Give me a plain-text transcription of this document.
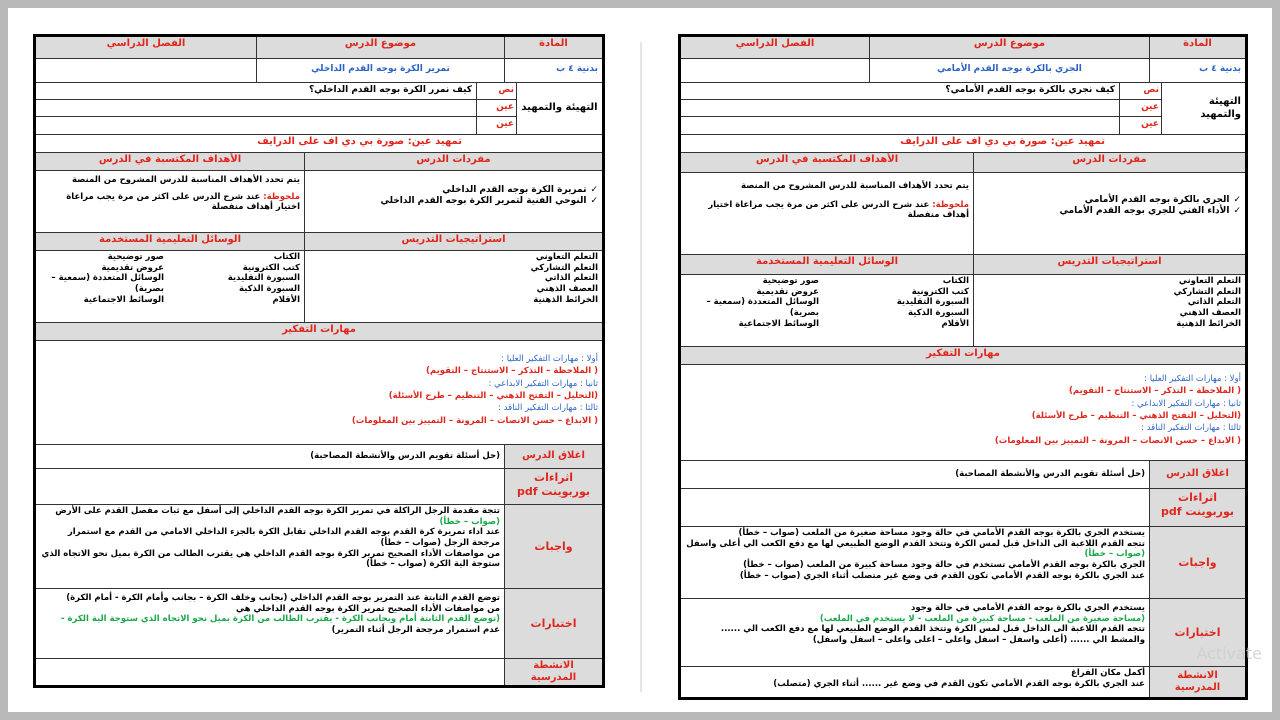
المادة
موضوع الدرس
الفصل الدراسي
بدنية ٤ ب
تمرير الكرة بوجه القدم الداخلي
التهيئة والتمهيد
نص
عين
عين
كيف نمرر الكرة بوجه القدم الداخلي؟
تمهيد عين: صورة بي دي اف على الدرايف
مفردات الدرس
الأهداف المكتسبة في الدرس
✓ تمريرة الكرة بوجه القدم الداخلي
✓ النوحي الفنية لتمرير الكرة بوجه القدم الداخلي
يتم تحدد الأهداف المناسبة للدرس المشروح من المنصة
ملحوظة: عند شرح الدرس على اكثر من مرة يجب مراعاة اختيار أهداف منفصلة
استراتيجيات التدريس
الوسائل التعليمية المستخدمة
التعلم التعاوني
التعلم التشاركي
التعلم الذاتي
العصف الذهني
الخرائط الذهنية
الكتاب
كتب الكترونية
السبورة التقليدية
السبورة الذكية
الأقلام
صور توضيحية
عروض تقديمية
الوسائل المتعددة (سمعية –
بصرية)
الوسائط الاجتماعية
مهارات التفكير
أولا : مهارات التفكير العليا :
( الملاحظة – التذكر – الاستنتاج – التقويم)
ثانيا : مهارات التفكير الابداعي :
(التحليل – التفتح الذهني – التنظيم – طرح الأسئلة)
ثالثا : مهارات التفكير الناقد :
( الابداع – حسن الانصات – المرونة – التمييز بين المعلومات)
اغلاق الدرس
(حل أسئلة تقويم الدرس والأنشطة المصاحبة)
اثراءات
بوربوينت pdf
واجبات
تتجة مقدمة الرجل الراكلة في تمرير الكرة بوجه القدم الداخلي إلى أسفل مع ثبات مفصل القدم على الأرض
(صواب – خطأ)
عند اداء تمريرة كرة القدم بوجه القدم الداخلي تقابل الكرة بالجزء الداخلي الامامي من القدم مع استمرار مرجحة الرجل (صواب – خطأ)
من مواصفات الأداء الصحيح تمرير الكرة بوجه القدم الداخلي هي يقترب الطالب من الكرة بميل نحو الاتجاه الذي ستوجة الية الكرة (صواب – خطأ)
اختبارات
توضع القدم الثابتة عند التمرير بوجه القدم الداخلي (بجانب وخلف الكرة – بجانب وأمام الكرة - أمام الكرة)
من مواصفات الأداء الصحيح تمرير الكرة بوجه القدم الداخلي هي
(توضع القدم الثابتة أمام وبجانب الكرة - يقترب الطالب من الكرة بميل نحو الاتجاه الذي ستوجة الية الكرة -
عدم استمرار مرجحة الرجل أثناء التمرير)
الانشطة المدرسية
المادة
موضوع الدرس
الفصل الدراسي
بدنية ٤ ب
الجري بالكرة بوجه القدم الأمامي
التهيئة والتمهيد
نص
عين
عين
كيف نجري بالكرة بوجه القدم الأمامي؟
تمهيد عين: صورة بي دي اف على الدرايف
مفردات الدرس
الأهداف المكتسبة في الدرس
✓ الجري بالكرة بوجه القدم الأمامي
✓ الأداء الفني للجري بوجه القدم الأمامي
يتم تحدد الأهداف المناسبة للدرس المشروح من المنصة
ملحوظة: عند شرح الدرس على اكثر من مرة يجب مراعاة اختيار أهداف منفصلة
استراتيجيات التدريس
الوسائل التعليمية المستخدمة
التعلم التعاوني
التعلم التشاركي
التعلم الذاتي
العصف الذهني
الخرائط الذهنية
الكتاب
كتب الكترونية
السبورة التقليدية
السبورة الذكية
الأقلام
صور توضيحية
عروض تقديمية
الوسائل المتعددة (سمعية –
بصرية)
الوسائط الاجتماعية
مهارات التفكير
أولا : مهارات التفكير العليا :
( الملاحظة – التذكر – الاستنتاج – التقويم)
ثانيا : مهارات التفكير الابداعي :
(التحليل – التفتح الذهني – التنظيم – طرح الأسئلة)
ثالثا : مهارات التفكير الناقد :
( الابداع – حسن الانصات – المرونة – التمييز بين المعلومات)
اغلاق الدرس
(حل أسئلة تقويم الدرس والأنشطة المصاحبة)
اثراءات
بوربوينت pdf
واجبات
يستخدم الجري بالكرة بوجه القدم الأمامي في حالة وجود مساحة صغيرة من الملعب (صواب – خطأ)
تتجه القدم اللاعبة الى الداخل قبل لمس الكرة وتتخذ القدم الوضع الطبيعي لها مع دفع الكعب الي أعلى واسفل
(صواب – خطأ)
الجري بالكرة بوجه القدم الأمامي تستخدم في حالة وجود مساحة كبيرة من الملعب (صواب – خطأ)
عند الجري بالكرة بوجه القدم الأمامي تكون القدم في وضع غير متصلب أثناء الجري (صواب – خطأ)
اختبارات
يستخدم الجري بالكرة بوجه القدم الأمامي في حالة وجود
(مساحة صغيرة من الملعب - مساحة كبيرة من الملعب - لا يستخدم في الملعب)
تتجه القدم اللاعبة الى الداخل قبل لمس الكرة وتتخذ القدم الوضع الطبيعي لها مع دفع الكعب الي ...... والمشط الي ...... (أعلى واسفل – اسفل واعلى – اعلى واعلى – اسفل واسفل)
الانشطة المدرسية
أكمل مكان الفراغ
عند الجري بالكرة بوجه القدم الأمامي تكون القدم في وضع غير ...... أثناء الجري (متصلب)
Activate
